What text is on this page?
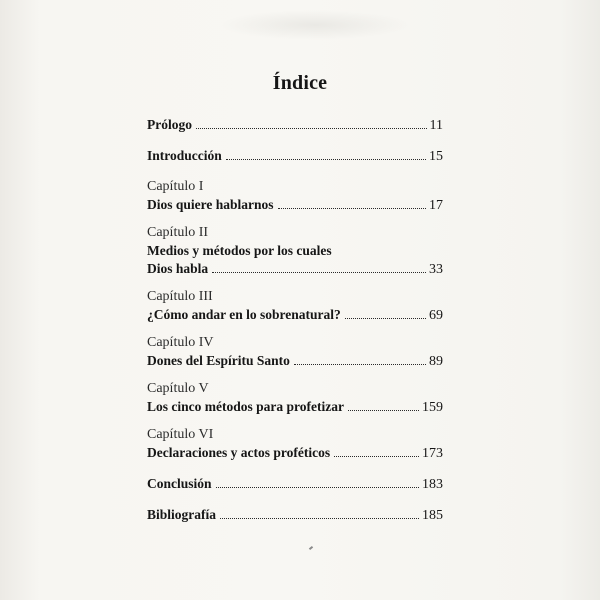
Índice
Prólogo	11
Introducción	15
Capítulo I
Dios quiere hablarnos	17
Capítulo II
Medios y métodos por los cuales
Dios habla	33
Capítulo III
¿Cómo andar en lo sobrenatural?	69
Capítulo IV
Dones del Espíritu Santo	89
Capítulo V
Los cinco métodos para profetizar	159
Capítulo VI
Declaraciones y actos proféticos	173
Conclusión	183
Bibliografía	185
